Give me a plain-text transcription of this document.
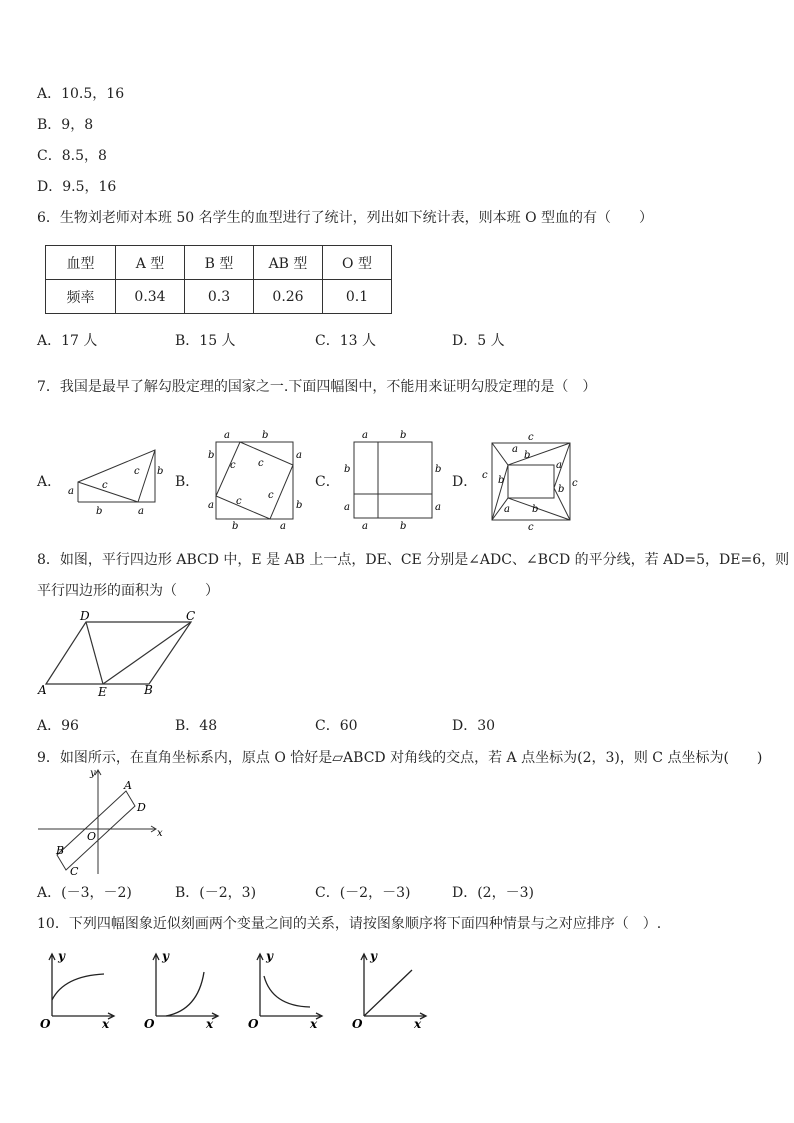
A．10.5，16
B．9，8
C．8.5，8
D．9.5，16
6．生物刘老师对本班 50 名学生的血型进行了统计，列出如下统计表，则本班 O 型血的有（　　）
血型	A 型	B 型	AB 型	O 型
频率	0.34	0.3	0.26	0.1
A．17 人	B．15 人	C．13 人	D．5 人
7．我国是最早了解勾股定理的国家之一.下面四幅图中，不能用来证明勾股定理的是（　）
A．	B．	C．	D．
a
b
c
c b
a
a	b
b
a
a
b
b	a
c c
c
c
a	b
b
a
b
a
a	b
c
a
b
c b
a
b
c
a b
c
8．如图，平行四边形 ABCD 中，E 是 AB 上一点，DE、CE 分别是∠ADC、∠BCD 的平分线，若 AD=5，DE=6，则
平行四边形的面积为（　　）
A
D	C
E	B
A．96	B．48	C．60	D．30
9．如图所示，在直角坐标系内，原点 O 恰好是▱ABCD 对角线的交点，若 A 点坐标为(2，3)，则 C 点坐标为(　　)
x
y
O
A
D
B
C
A．(－3，－2)	B．(－2，3)	C．(－2，－3)	D．(2，－3)
10．下列四幅图象近似刻画两个变量之间的关系，请按图象顺序将下面四种情景与之对应排序（　）.
y
x
O
y
x
O
y
x
O
y
x
O
